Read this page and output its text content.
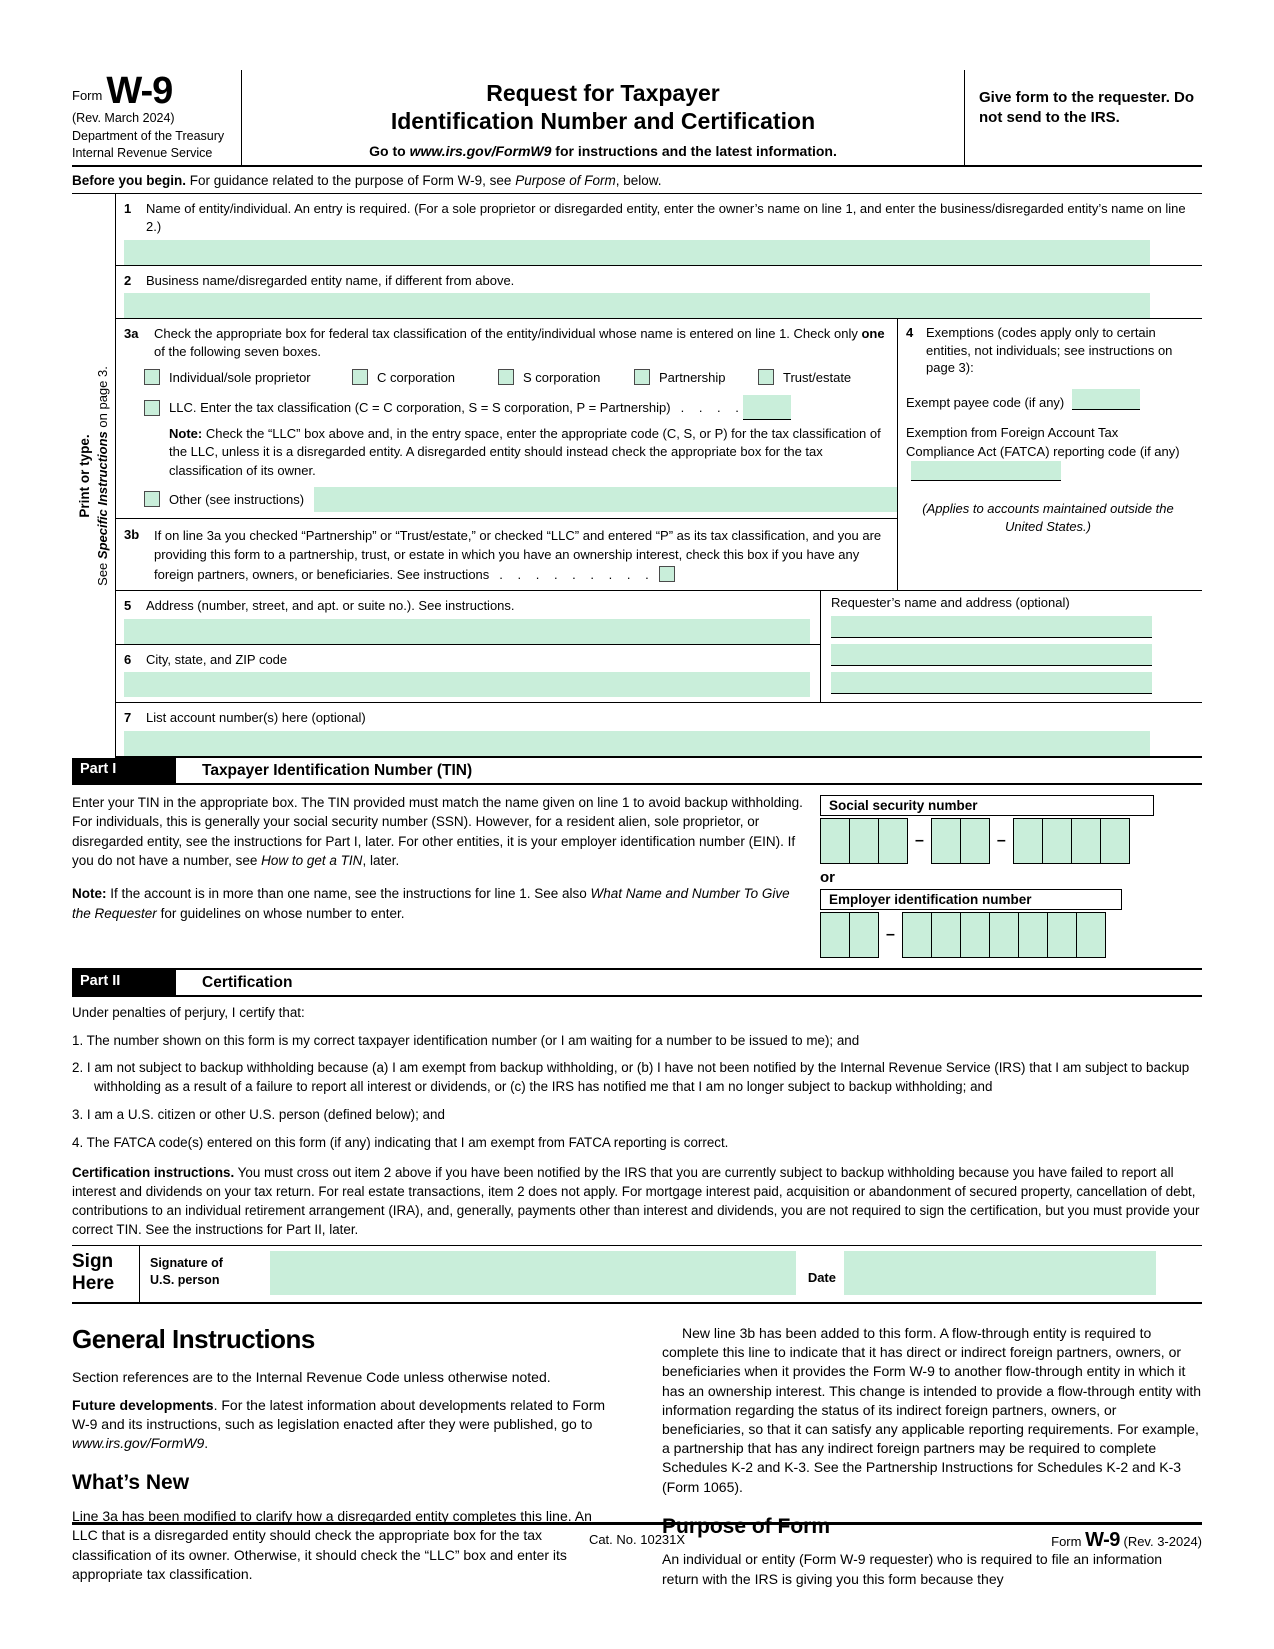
Form W-9
(Rev. March 2024)
Department of the Treasury
Internal Revenue Service
Request for Taxpayer
Identification Number and Certification
Go to www.irs.gov/FormW9 for instructions and the latest information.
Give form to the requester. Do not send to the IRS.
Before you begin. For guidance related to the purpose of Form W-9, see Purpose of Form, below.
Print or type.
See Specific Instructions on page 3.
1	Name of entity/individual. An entry is required. (For a sole proprietor or disregarded entity, enter the owner’s name on line 1, and enter the business/disregarded entity’s name on line 2.)
2	Business name/disregarded entity name, if different from above.
3a	Check the appropriate box for federal tax classification of the entity/individual whose name is entered on line 1. Check only one of the following seven boxes.
Individual/sole proprietor	C corporation	S corporation	Partnership	Trust/estate
LLC. Enter the tax classification (C = C corporation, S = S corporation, P = Partnership) . . . .
Note: Check the “LLC” box above and, in the entry space, enter the appropriate code (C, S, or P) for the tax classification of the LLC, unless it is a disregarded entity. A disregarded entity should instead check the appropriate box for the tax classification of its owner.
Other (see instructions)
3b	If on line 3a you checked “Partnership” or “Trust/estate,” or checked “LLC” and entered “P” as its tax classification, and you are providing this form to a partnership, trust, or estate in which you have an ownership interest, check this box if you have any foreign partners, owners, or beneficiaries. See instructions . . . . . . . . .
4 Exemptions (codes apply only to certain entities, not individuals; see instructions on page 3):
Exempt payee code (if any)
Exemption from Foreign Account Tax Compliance Act (FATCA) reporting code (if any)
(Applies to accounts maintained outside the United States.)
5	Address (number, street, and apt. or suite no.). See instructions.
6	City, state, and ZIP code
Requester’s name and address (optional)
7	List account number(s) here (optional)
Part I	Taxpayer Identification Number (TIN)
Enter your TIN in the appropriate box. The TIN provided must match the name given on line 1 to avoid backup withholding. For individuals, this is generally your social security number (SSN). However, for a resident alien, sole proprietor, or disregarded entity, see the instructions for Part I, later. For other entities, it is your employer identification number (EIN). If you do not have a number, see How to get a TIN, later.
Note: If the account is in more than one name, see the instructions for line 1. See also What Name and Number To Give the Requester for guidelines on whose number to enter.
Social security number
–	–
or
Employer identification number
–
Part II	Certification
Under penalties of perjury, I certify that:
1. The number shown on this form is my correct taxpayer identification number (or I am waiting for a number to be issued to me); and
2. I am not subject to backup withholding because (a) I am exempt from backup withholding, or (b) I have not been notified by the Internal Revenue Service (IRS) that I am subject to backup withholding as a result of a failure to report all interest or dividends, or (c) the IRS has notified me that I am no longer subject to backup withholding; and
3. I am a U.S. citizen or other U.S. person (defined below); and
4. The FATCA code(s) entered on this form (if any) indicating that I am exempt from FATCA reporting is correct.
Certification instructions. You must cross out item 2 above if you have been notified by the IRS that you are currently subject to backup withholding because you have failed to report all interest and dividends on your tax return. For real estate transactions, item 2 does not apply. For mortgage interest paid, acquisition or abandonment of secured property, cancellation of debt, contributions to an individual retirement arrangement (IRA), and, generally, payments other than interest and dividends, you are not required to sign the certification, but you must provide your correct TIN. See the instructions for Part II, later.
Sign
Here
Signature of
U.S. person	Date
General Instructions

Section references are to the Internal Revenue Code unless otherwise noted.

Future developments. For the latest information about developments related to Form W-9 and its instructions, such as legislation enacted after they were published, go to www.irs.gov/FormW9.

What’s New

Line 3a has been modified to clarify how a disregarded entity completes this line. An LLC that is a disregarded entity should check the appropriate box for the tax classification of its owner. Otherwise, it should check the “LLC” box and enter its appropriate tax classification.

New line 3b has been added to this form. A flow-through entity is required to complete this line to indicate that it has direct or indirect foreign partners, owners, or beneficiaries when it provides the Form W-9 to another flow-through entity in which it has an ownership interest. This change is intended to provide a flow-through entity with information regarding the status of its indirect foreign partners, owners, or beneficiaries, so that it can satisfy any applicable reporting requirements. For example, a partnership that has any indirect foreign partners may be required to complete Schedules K-2 and K-3. See the Partnership Instructions for Schedules K-2 and K-3 (Form 1065).

Purpose of Form

An individual or entity (Form W-9 requester) who is required to file an information return with the IRS is giving you this form because they

Cat. No. 10231X	Form W-9 (Rev. 3-2024)
